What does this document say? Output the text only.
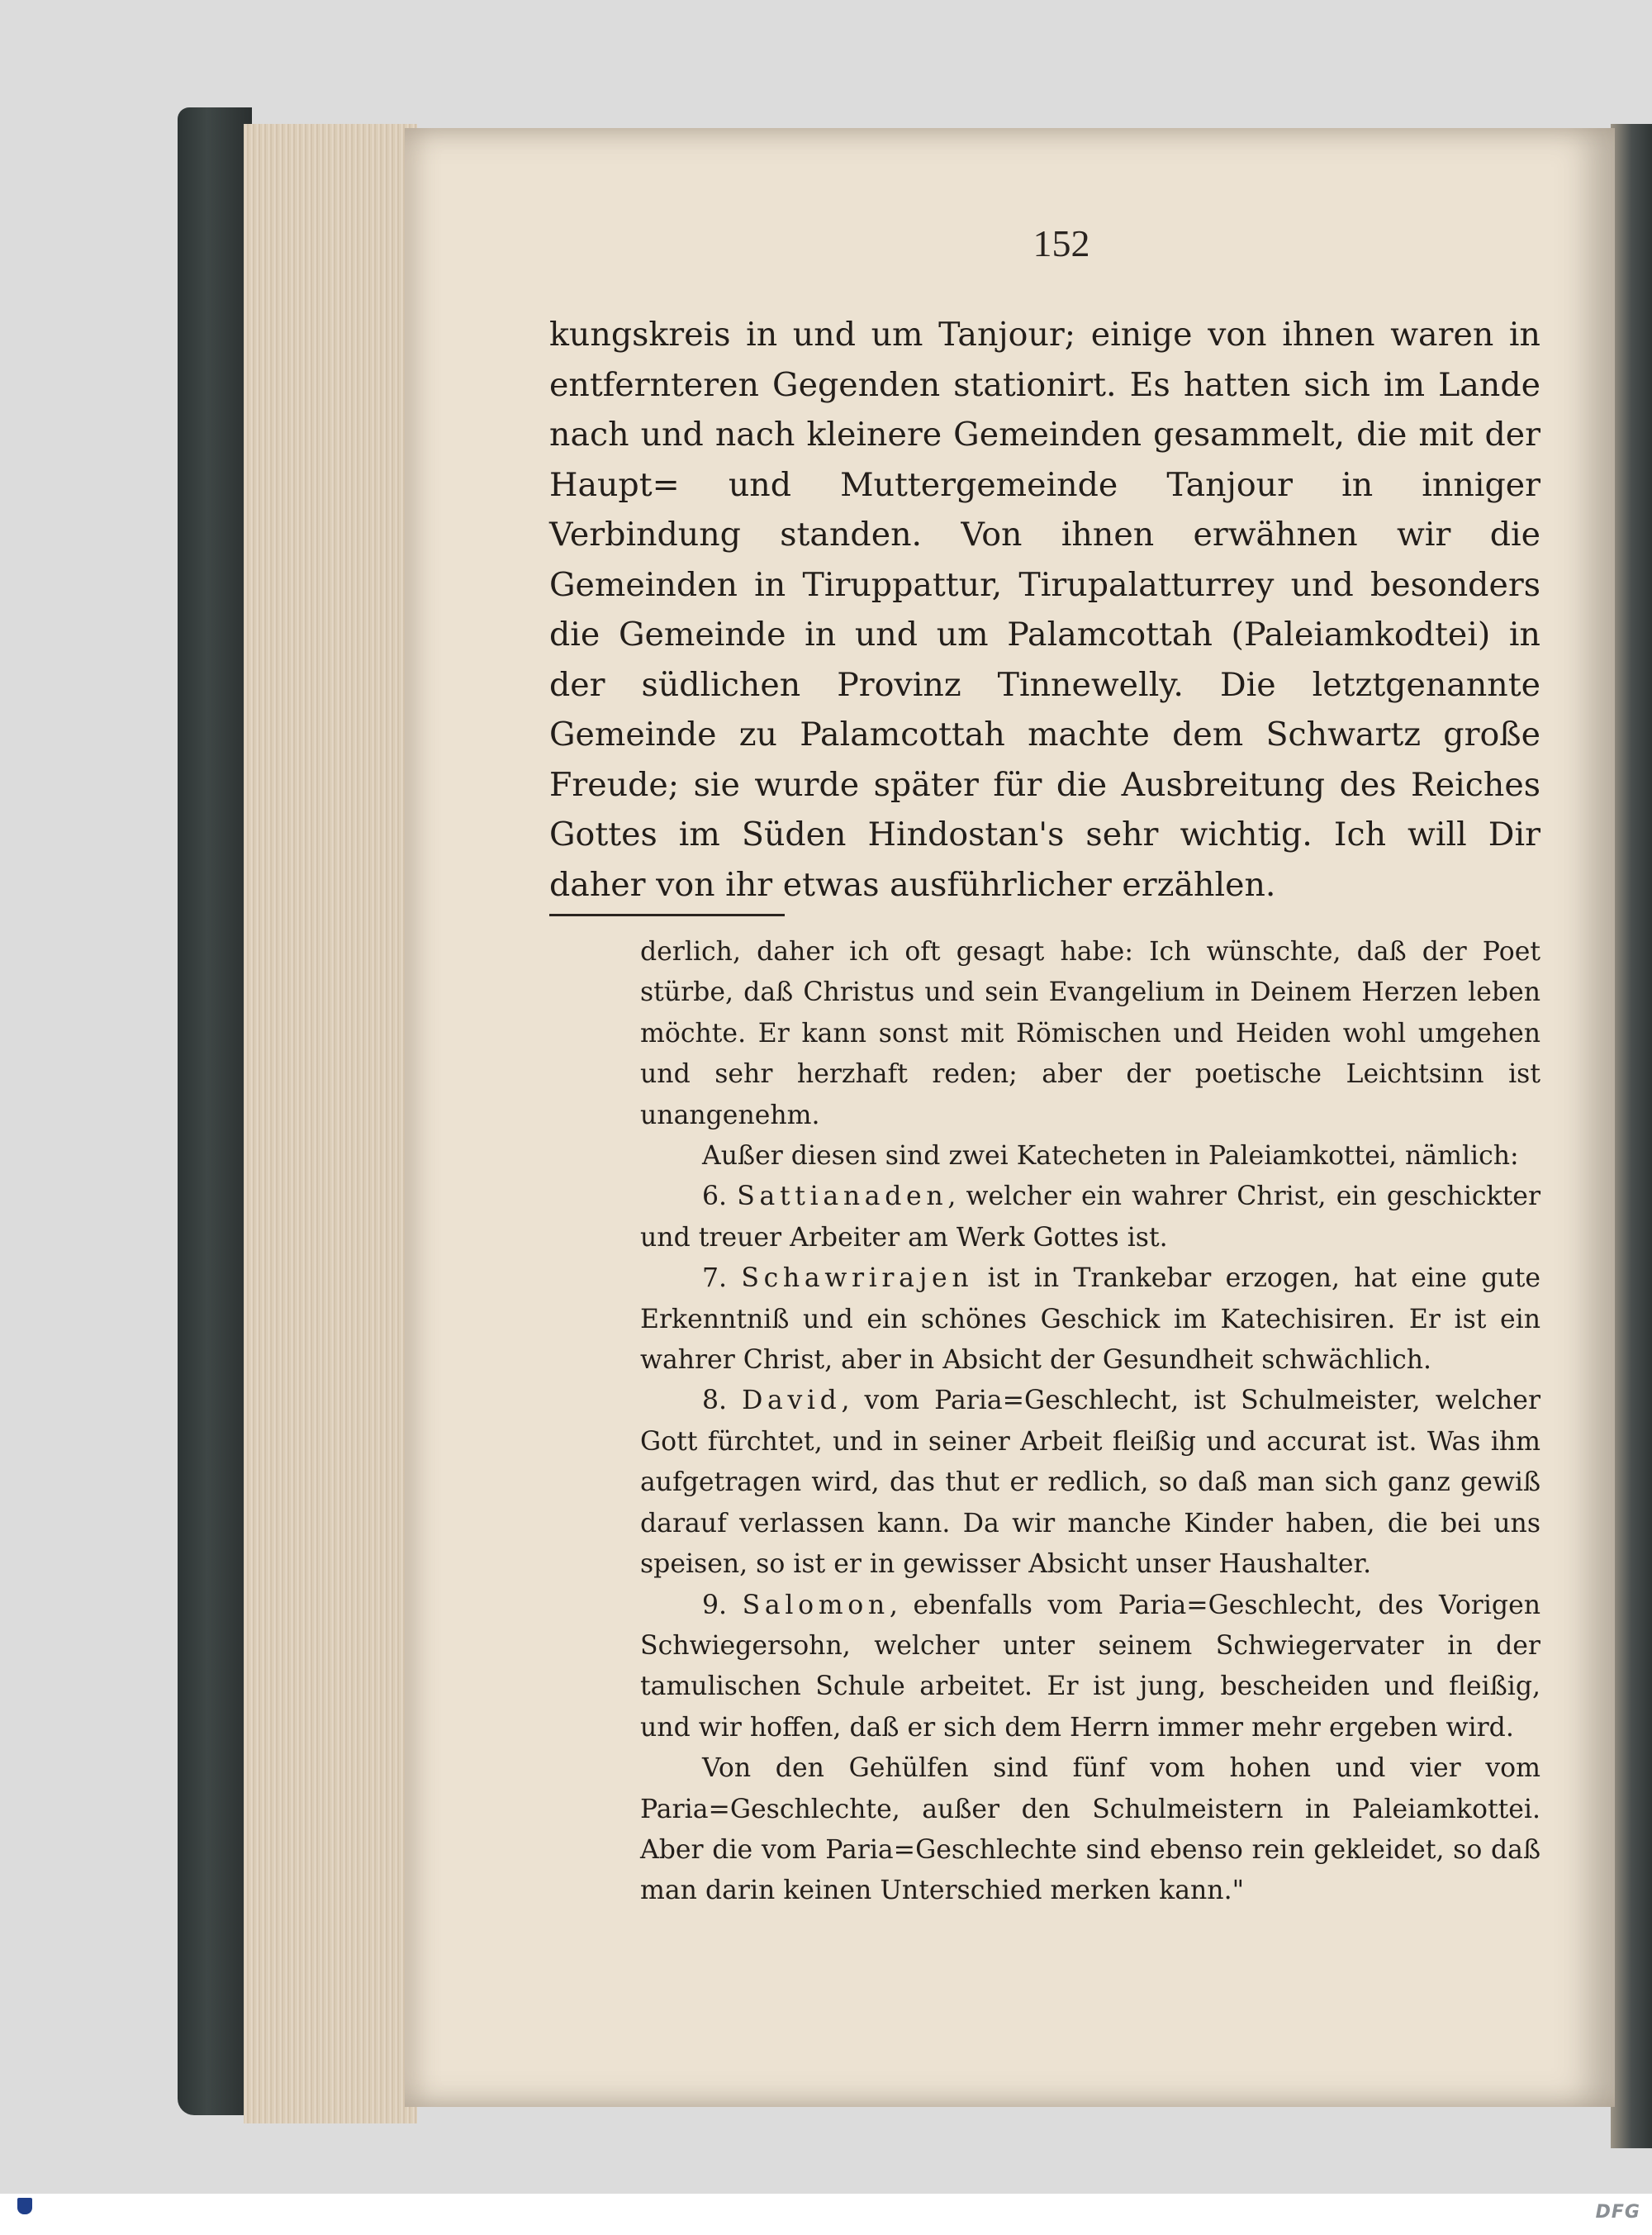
152

kungskreis in und um Tanjour; einige von ihnen waren in entfernteren Gegenden stationirt. Es hatten sich im Lande nach und nach kleinere Gemeinden gesammelt, die mit der Haupt= und Muttergemeinde Tanjour in inniger Verbindung standen. Von ihnen erwähnen wir die Gemeinden in Tiruppattur, Tirupalatturrey und besonders die Gemeinde in und um Palamcottah (Paleiamkodtei) in der südlichen Provinz Tinnewelly. Die letztgenannte Gemeinde zu Palamcottah machte dem Schwartz große Freude; sie wurde später für die Ausbreitung des Reiches Gottes im Süden Hindostan's sehr wichtig. Ich will Dir daher von ihr etwas ausführlicher erzählen.

derlich, daher ich oft gesagt habe: Ich wünschte, daß der Poet stürbe, daß Christus und sein Evangelium in Deinem Herzen leben möchte. Er kann sonst mit Römischen und Heiden wohl umgehen und sehr herzhaft reden; aber der poetische Leichtsinn ist unangenehm.

Außer diesen sind zwei Katecheten in Paleiamkottei, nämlich:

6. Sattianaden, welcher ein wahrer Christ, ein geschickter und treuer Arbeiter am Werk Gottes ist.

7. Schawrirajen ist in Trankebar erzogen, hat eine gute Erkenntniß und ein schönes Geschick im Katechisiren. Er ist ein wahrer Christ, aber in Absicht der Gesundheit schwächlich.

8. David, vom Paria=Geschlecht, ist Schulmeister, welcher Gott fürchtet, und in seiner Arbeit fleißig und accurat ist. Was ihm aufgetragen wird, das thut er redlich, so daß man sich ganz gewiß darauf verlassen kann. Da wir manche Kinder haben, die bei uns speisen, so ist er in gewisser Absicht unser Haushalter.

9. Salomon, ebenfalls vom Paria=Geschlecht, des Vorigen Schwiegersohn, welcher unter seinem Schwiegervater in der tamulischen Schule arbeitet. Er ist jung, bescheiden und fleißig, und wir hoffen, daß er sich dem Herrn immer mehr ergeben wird.

Von den Gehülfen sind fünf vom hohen und vier vom Paria=Geschlechte, außer den Schulmeistern in Paleiamkottei. Aber die vom Paria=Geschlechte sind ebenso rein gekleidet, so daß man darin keinen Unterschied merken kann."

DFG
